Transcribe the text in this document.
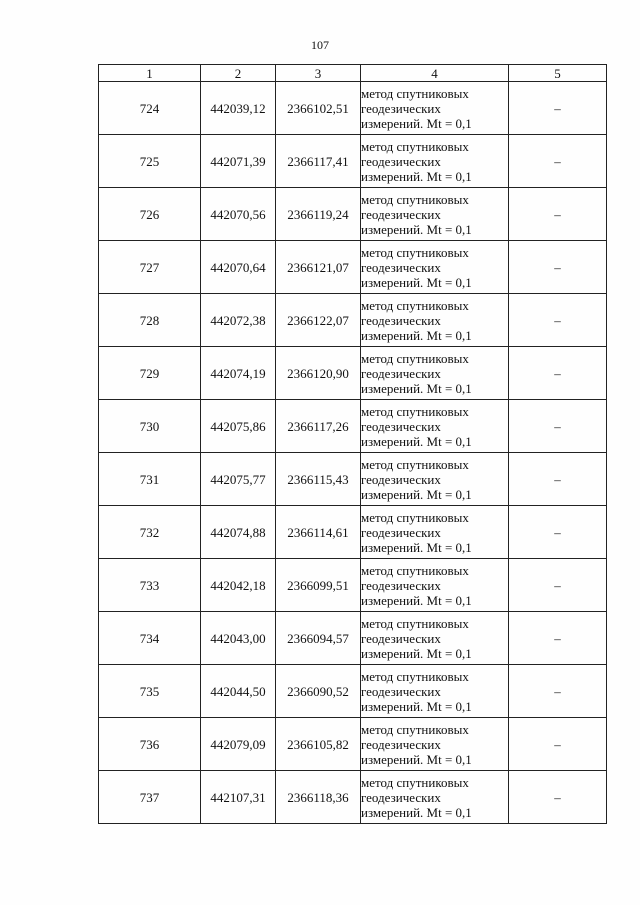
107
1	2	3	4	5
724	442039,12	2366102,51	метод спутниковых
геодезических
измерений. Mt = 0,1	–
725	442071,39	2366117,41	метод спутниковых
геодезических
измерений. Mt = 0,1	–
726	442070,56	2366119,24	метод спутниковых
геодезических
измерений. Mt = 0,1	–
727	442070,64	2366121,07	метод спутниковых
геодезических
измерений. Mt = 0,1	–
728	442072,38	2366122,07	метод спутниковых
геодезических
измерений. Mt = 0,1	–
729	442074,19	2366120,90	метод спутниковых
геодезических
измерений. Mt = 0,1	–
730	442075,86	2366117,26	метод спутниковых
геодезических
измерений. Mt = 0,1	–
731	442075,77	2366115,43	метод спутниковых
геодезических
измерений. Mt = 0,1	–
732	442074,88	2366114,61	метод спутниковых
геодезических
измерений. Mt = 0,1	–
733	442042,18	2366099,51	метод спутниковых
геодезических
измерений. Mt = 0,1	–
734	442043,00	2366094,57	метод спутниковых
геодезических
измерений. Mt = 0,1	–
735	442044,50	2366090,52	метод спутниковых
геодезических
измерений. Mt = 0,1	–
736	442079,09	2366105,82	метод спутниковых
геодезических
измерений. Mt = 0,1	–
737	442107,31	2366118,36	метод спутниковых
геодезических
измерений. Mt = 0,1	–
